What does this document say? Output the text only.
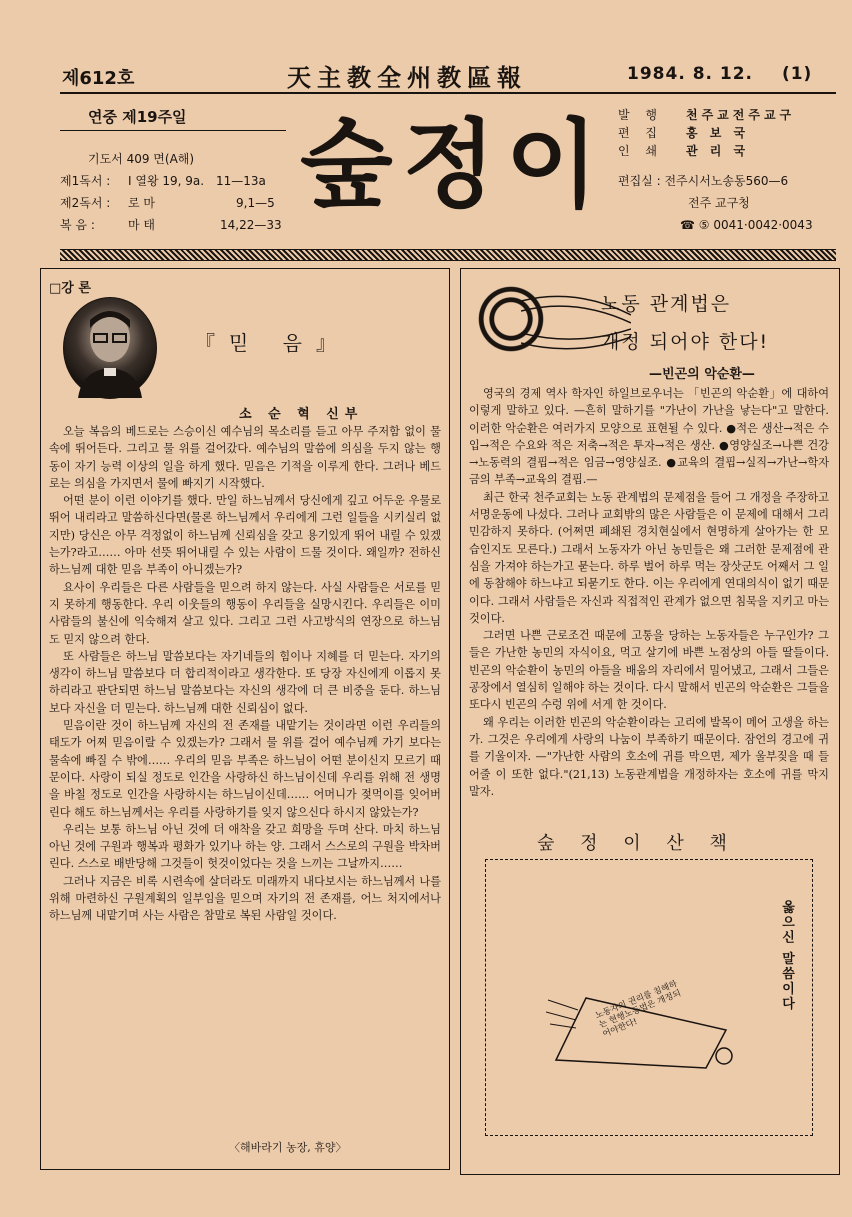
제612호	天主教全州教區報	1984. 8. 12. (1)
연중 제19주일
기도서 409 면(A해)
제1독서 : I 열왕 19, 9a. 11—13a
제2독서 : 로 마	9,1—5
복 음 :	마 태	14,22—33
숲정이 발 행 천주교전주교구
편 집 홍 보 국
인 쇄 관 리 국
편집실 : 전주시서노송동560—6
전주 교구청
☎ ⑤ 0041·0042·0043
□강 론
『믿 음』
소 순 혁 신부

오늘 복음의 베드로는 스승이신 예수님의 목소리를 듣고 아무 주저함 없이 물 속에 뛰어든다. 그리고 물 위를 걸어갔다. 예수님의 말씀에 의심을 두지 않는 행동이 자기 능력 이상의 일을 하게 했다. 믿음은 기적을 이루게 한다. 그러나 베드로는 의심을 가지면서 물에 빠지기 시작했다.

어떤 분이 이런 이야기를 했다. 만일 하느님께서 당신에게 깊고 어두운 우물로 뛰어 내리라고 말씀하신다면(물론 하느님께서 우리에게 그런 일들을 시키실리 없지만) 당신은 아무 걱정없이 하느님께 신뢰심을 갖고 용기있게 뛰어 내릴 수 있겠는가?라고…… 아마 선뜻 뛰어내릴 수 있는 사람이 드물 것이다. 왜일까? 전하신 하느님께 대한 믿음 부족이 아니겠는가?

요사이 우리들은 다른 사람들을 믿으려 하지 않는다. 사실 사람들은 서로를 믿지 못하게 행동한다. 우리 이웃들의 행동이 우리들을 실망시킨다. 우리들은 이미 사람들의 불신에 익숙해져 살고 있다. 그리고 그런 사고방식의 연장으로 하느님도 믿지 않으려 한다.

또 사람들은 하느님 말씀보다는 자기네들의 힘이나 지혜를 더 믿는다. 자기의 생각이 하느님 말씀보다 더 합리적이라고 생각한다. 또 당장 자신에게 이롭지 못하리라고 판단되면 하느님 말씀보다는 자신의 생각에 더 큰 비중을 둔다. 하느님보다 자신을 더 믿는다. 하느님께 대한 신뢰심이 없다.

믿음이란 것이 하느님께 자신의 전 존재를 내맡기는 것이라면 이런 우리들의 태도가 어찌 믿음이랄 수 있겠는가? 그래서 물 위를 걸어 예수님께 가기 보다는 물속에 빠질 수 밖에…… 우리의 믿음 부족은 하느님이 어떤 분이신지 모르기 때문이다. 사랑이 되실 정도로 인간을 사랑하신 하느님이신데 우리를 위해 전 생명을 바칠 정도로 인간을 사랑하시는 하느님이신데…… 어머니가 젖먹이를 잊어버린다 해도 하느님께서는 우리를 사랑하기를 잊지 않으신다 하시지 않았는가?

우리는 보통 하느님 아닌 것에 더 애착을 갖고 희망을 두며 산다. 마치 하느님 아닌 것에 구원과 행복과 평화가 있기나 하는 양. 그래서 스스로의 구원을 박차버린다. 스스로 배반당해 그것들이 헛것이었다는 것을 느끼는 그날까지……

그러나 지금은 비록 시련속에 살더라도 미래까지 내다보시는 하느님께서 나를 위해 마련하신 구원계획의 일부임을 믿으며 자기의 전 존재를, 어느 처지에서나 하느님께 내맡기며 사는 사람은 참말로 복된 사람일 것이다.

〈해바라기 농장, 휴양〉
노동 관계법은
개정 되어야 한다!
—빈곤의 악순환—

영국의 경제 역사 학자인 하일브로우너는 「빈곤의 악순환」에 대하여 이렇게 말하고 있다. —흔히 말하기를 "가난이 가난을 낳는다"고 말한다. 이러한 악순환은 여러가지 모양으로 표현될 수 있다. ●적은 생산→적은 수입→적은 수요와 적은 저축→적은 투자→적은 생산. ●영양실조→나쁜 건강→노동력의 결핍→적은 임금→영양실조. ●교육의 결핍→실직→가난→학자금의 부족→교육의 결핍.—

최근 한국 천주교회는 노동 관계법의 문제점을 들어 그 개정을 주장하고 서명운동에 나섰다. 그러나 교회밖의 많은 사람들은 이 문제에 대해서 그리 민감하지 못하다. (어쩌면 폐쇄된 경치현실에서 현명하게 살아가는 한 모습인지도 모른다.) 그래서 노동자가 아닌 농민들은 왜 그러한 문제점에 관심을 가져야 하는가고 묻는다. 하루 벌어 하루 먹는 장삿군도 어째서 그 일에 동참해야 하느냐고 되묻기도 한다. 이는 우리에게 연대의식이 없기 때문이다. 그래서 사람들은 자신과 직접적인 관계가 없으면 침묵을 지키고 마는 것이다.

그러면 나쁜 근로조건 때문에 고통을 당하는 노동자들은 누구인가? 그들은 가난한 농민의 자식이요, 먹고 살기에 바쁜 노점상의 아들 딸들이다. 빈곤의 악순환이 농민의 아들을 배움의 자리에서 밀어냈고, 그래서 그들은 공장에서 열심히 일해야 하는 것이다. 다시 말해서 빈곤의 악순환은 그들을 또다시 빈곤의 수렁 위에 서게 한 것이다.

왜 우리는 이러한 빈곤의 악순환이라는 고리에 발목이 메어 고생을 하는가. 그것은 우리에게 사랑의 나눔이 부족하기 때문이다. 잠언의 경고에 귀를 기울이자. —"가난한 사람의 호소에 귀를 막으면, 제가 울부짖을 때 들어줄 이 또한 없다."(21,13) 노동관계법을 개정하자는 호소에 귀를 막지 말자.

숲 정 이 산 책
옳으신 말씀이다
노동자의 권리를 침해하는 현행노동법은 개정되어야한다!
